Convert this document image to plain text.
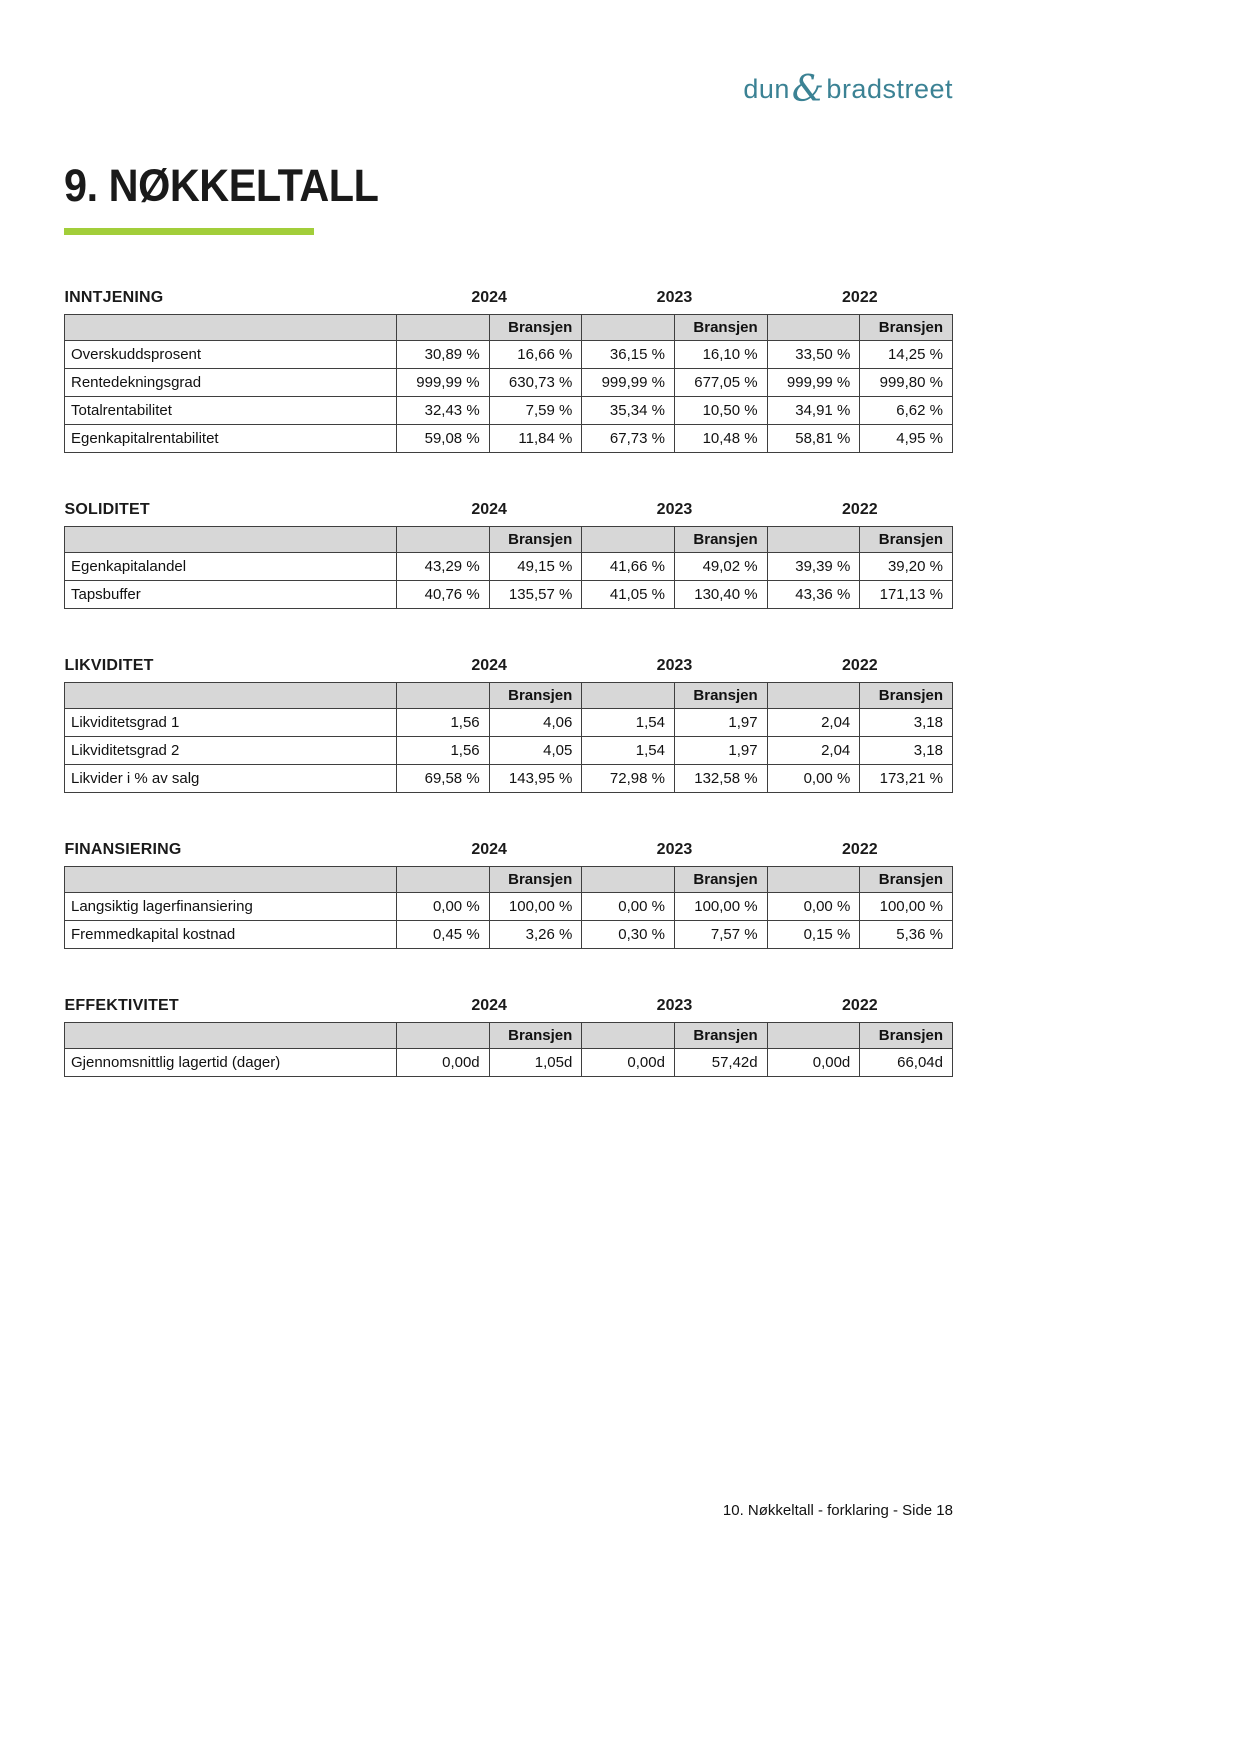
dun&bradstreet
9. NØKKELTALL
INNTJENING	2024		2023		2022	
		Bransjen		Bransjen		Bransjen
Overskuddsprosent	30,89 %	16,66 %	36,15 %	16,10 %	33,50 %	14,25 %
Rentedekningsgrad	999,99 %	630,73 %	999,99 %	677,05 %	999,99 %	999,80 %
Totalrentabilitet	32,43 %	7,59 %	35,34 %	10,50 %	34,91 %	6,62 %
Egenkapitalrentabilitet	59,08 %	11,84 %	67,73 %	10,48 %	58,81 %	4,95 %
SOLIDITET	2024		2023		2022	
		Bransjen		Bransjen		Bransjen
Egenkapitalandel	43,29 %	49,15 %	41,66 %	49,02 %	39,39 %	39,20 %
Tapsbuffer	40,76 %	135,57 %	41,05 %	130,40 %	43,36 %	171,13 %
LIKVIDITET	2024		2023		2022	
		Bransjen		Bransjen		Bransjen
Likviditetsgrad 1	1,56	4,06	1,54	1,97	2,04	3,18
Likviditetsgrad 2	1,56	4,05	1,54	1,97	2,04	3,18
Likvider i % av salg	69,58 %	143,95 %	72,98 %	132,58 %	0,00 %	173,21 %
FINANSIERING	2024		2023		2022	
		Bransjen		Bransjen		Bransjen
Langsiktig lagerfinansiering	0,00 %	100,00 %	0,00 %	100,00 %	0,00 %	100,00 %
Fremmedkapital kostnad	0,45 %	3,26 %	0,30 %	7,57 %	0,15 %	5,36 %
EFFEKTIVITET	2024		2023		2022	
		Bransjen		Bransjen		Bransjen
Gjennomsnittlig lagertid (dager)	0,00d	1,05d	0,00d	57,42d	0,00d	66,04d
10. Nøkkeltall - forklaring - Side 18
